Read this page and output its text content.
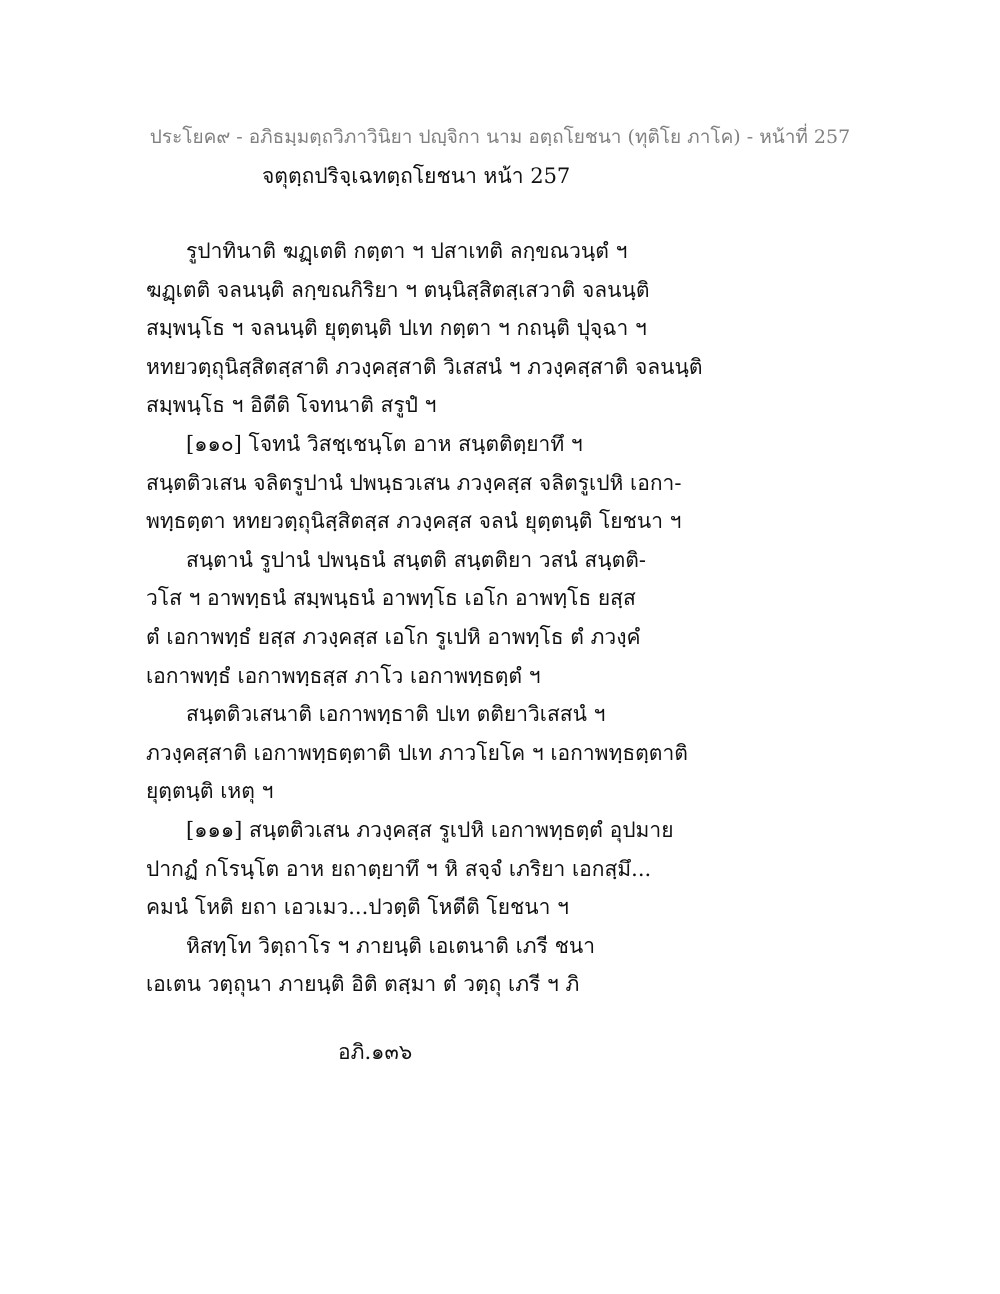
ประโยค๙ - อภิธมฺมตฺถวิภาวินิยา ปญฺจิกา นาม อตฺถโยชนา (ทุติโย ภาโค) - หน้าที่ 257
จตุตฺถปริจฺเฉทตฺถโยชนา หน้า 257
รูปาทินาติ ฆฏฺเตติ กตฺตา ฯ ปสาเทติ ลกฺขณวนฺตํ ฯ
ฆฏฺเตติ จลนนฺติ ลกฺขณกิริยา ฯ ตนฺนิสฺสิตสฺเสวาติ จลนนฺติ
สมฺพนฺโธ ฯ จลนนฺติ ยุตฺตนฺติ ปเท กตฺตา ฯ กถนฺติ ปุจฺฉา ฯ
หทยวตฺถุนิสฺสิตสฺสาติ ภวงฺคสฺสาติ วิเสสนํ ฯ ภวงฺคสฺสาติ จลนนฺติ
สมฺพนฺโธ ฯ อิตีติ โจทนาติ สรูปํ ฯ
[๑๑๐] โจทนํ วิสชฺเชนฺโต อาห สนฺตติตฺยาทึ ฯ
สนฺตติวเสน จลิตรูปานํ ปพนฺธวเสน ภวงฺคสฺส จลิตรูเปหิ เอกา-
พทฺธตฺตา หทยวตฺถุนิสฺสิตสฺส ภวงฺคสฺส จลนํ ยุตฺตนฺติ โยชนา ฯ
สนฺตานํ รูปานํ ปพนฺธนํ สนฺตติ สนฺตติยา วสนํ สนฺตติ-
วโส ฯ อาพทฺธนํ สมฺพนฺธนํ อาพทฺโธ เอโก อาพทฺโธ ยสฺส
ตํ เอกาพทฺธํ ยสฺส ภวงฺคสฺส เอโก รูเปหิ อาพทฺโธ ตํ ภวงฺคํ
เอกาพทฺธํ เอกาพทฺธสฺส ภาโว เอกาพทฺธตฺตํ ฯ
สนฺตติวเสนาติ เอกาพทฺธาติ ปเท ตติยาวิเสสนํ ฯ
ภวงฺคสฺสาติ เอกาพทฺธตฺตาติ ปเท ภาวโยโค ฯ เอกาพทฺธตฺตาติ
ยุตฺตนฺติ เหตุ ฯ
[๑๑๑] สนฺตติวเสน ภวงฺคสฺส รูเปหิ เอกาพทฺธตฺตํ อุปมาย
ปากฏํ กโรนฺโต อาห ยถาตฺยาทึ ฯ หิ สจฺจํ เภริยา เอกสฺมึ...
คมนํ โหติ ยถา เอวเมว...ปวตฺติ โหตีติ โยชนา ฯ
หิสทฺโท วิตฺถาโร ฯ ภายนฺติ เอเตนาติ เภรี ชนา
เอเตน วตฺถุนา ภายนฺติ อิติ ตสฺมา ตํ วตฺถุ เภรี ฯ ภิ
อภิ.๑๓๖
